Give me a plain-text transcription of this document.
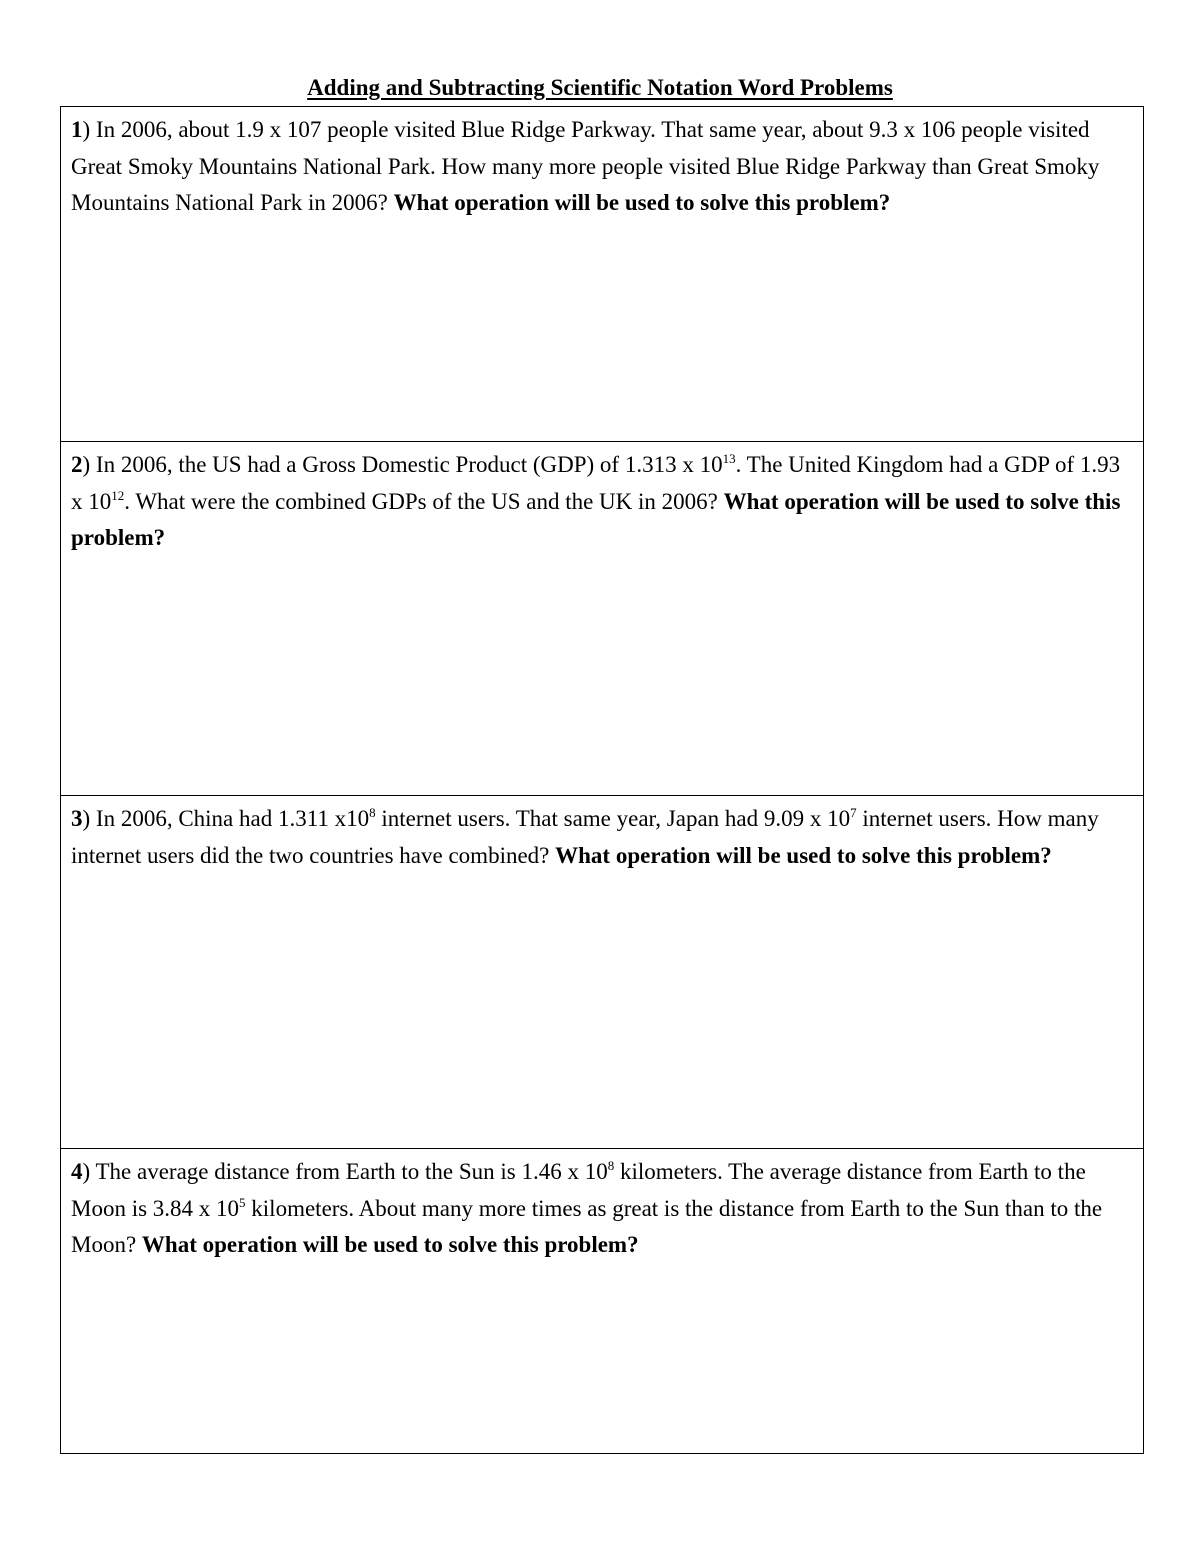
Adding and Subtracting Scientific Notation Word Problems
1) In 2006, about 1.9 x 107 people visited Blue Ridge Parkway. That same year, about 9.3 x 106 people visited Great Smoky Mountains National Park. How many more people visited Blue Ridge Parkway than Great Smoky Mountains National Park in 2006? What operation will be used to solve this problem?
2) In 2006, the US had a Gross Domestic Product (GDP) of 1.313 x $10^{13}$. The United Kingdom had a GDP of 1.93 x $10^{12}$. What were the combined GDPs of the US and the UK in 2006? What operation will be used to solve this problem?
3) In 2006, China had 1.311 $x10^8$ internet users. That same year, Japan had 9.09 x $10^7$ internet users. How many internet users did the two countries have combined? What operation will be used to solve this problem?
4) The average distance from Earth to the Sun is 1.46 x $10^8$ kilometers. The average distance from Earth to the Moon is 3.84 x $10^5$ kilometers. About many more times as great is the distance from Earth to the Sun than to the Moon? What operation will be used to solve this problem?
